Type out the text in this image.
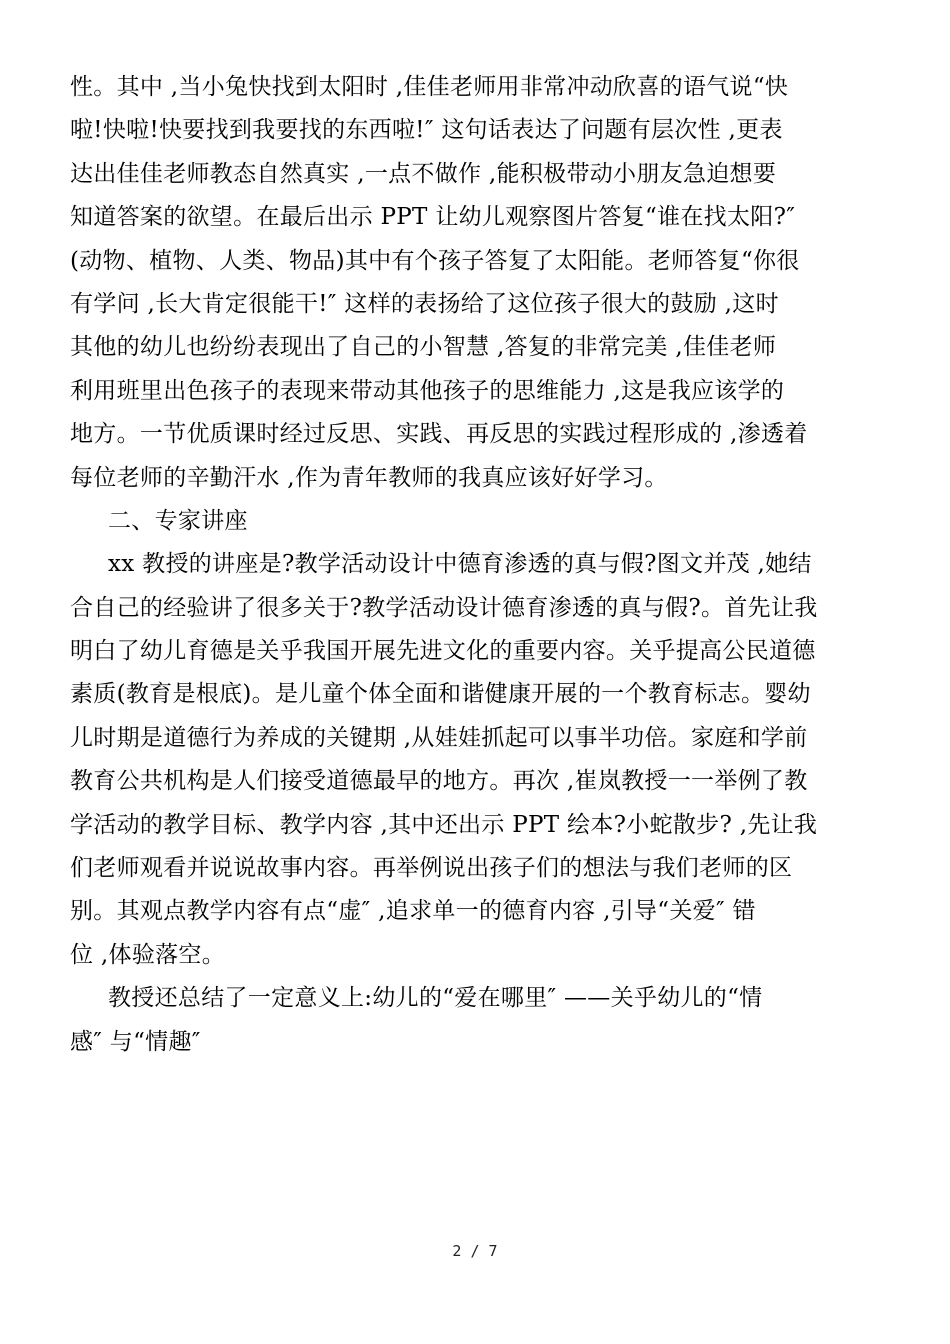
性。其中 ,当小兔快找到太阳时 ,佳佳老师用非常冲动欣喜的语气说“快
啦!快啦!快要找到我要找的东西啦!″ 这句话表达了问题有层次性 ,更表
达出佳佳老师教态自然真实 ,一点不做作 ,能积极带动小朋友急迫想要
知道答案的欲望。在最后出示 PPT 让幼儿观察图片答复“谁在找太阳?″
(动物、植物、人类、物品)其中有个孩子答复了太阳能。老师答复“你很
有学问 ,长大肯定很能干!″ 这样的表扬给了这位孩子很大的鼓励 ,这时
其他的幼儿也纷纷表现出了自己的小智慧 ,答复的非常完美 ,佳佳老师
利用班里出色孩子的表现来带动其他孩子的思维能力 ,这是我应该学的
地方。一节优质课时经过反思、实践、再反思的实践过程形成的 ,渗透着
每位老师的辛勤汗水 ,作为青年教师的我真应该好好学习。
二、专家讲座
xx 教授的讲座是?教学活动设计中德育渗透的真与假?图文并茂 ,她结
合自己的经验讲了很多关于?教学活动设计德育渗透的真与假?。首先让我
明白了幼儿育德是关乎我国开展先进文化的重要内容。关乎提高公民道德
素质(教育是根底)。是儿童个体全面和谐健康开展的一个教育标志。婴幼
儿时期是道德行为养成的关键期 ,从娃娃抓起可以事半功倍。家庭和学前
教育公共机构是人们接受道德最早的地方。再次 ,崔岚教授一一举例了教
学活动的教学目标、教学内容 ,其中还出示 PPT 绘本?小蛇散步? ,先让我
们老师观看并说说故事内容。再举例说出孩子们的想法与我们老师的区
别。其观点教学内容有点“虚″ ,追求单一的德育内容 ,引导“关爱″ 错
位 ,体验落空。
教授还总结了一定意义上:幼儿的“爱在哪里″ ——关乎幼儿的“情
感″ 与“情趣″
2 / 7
